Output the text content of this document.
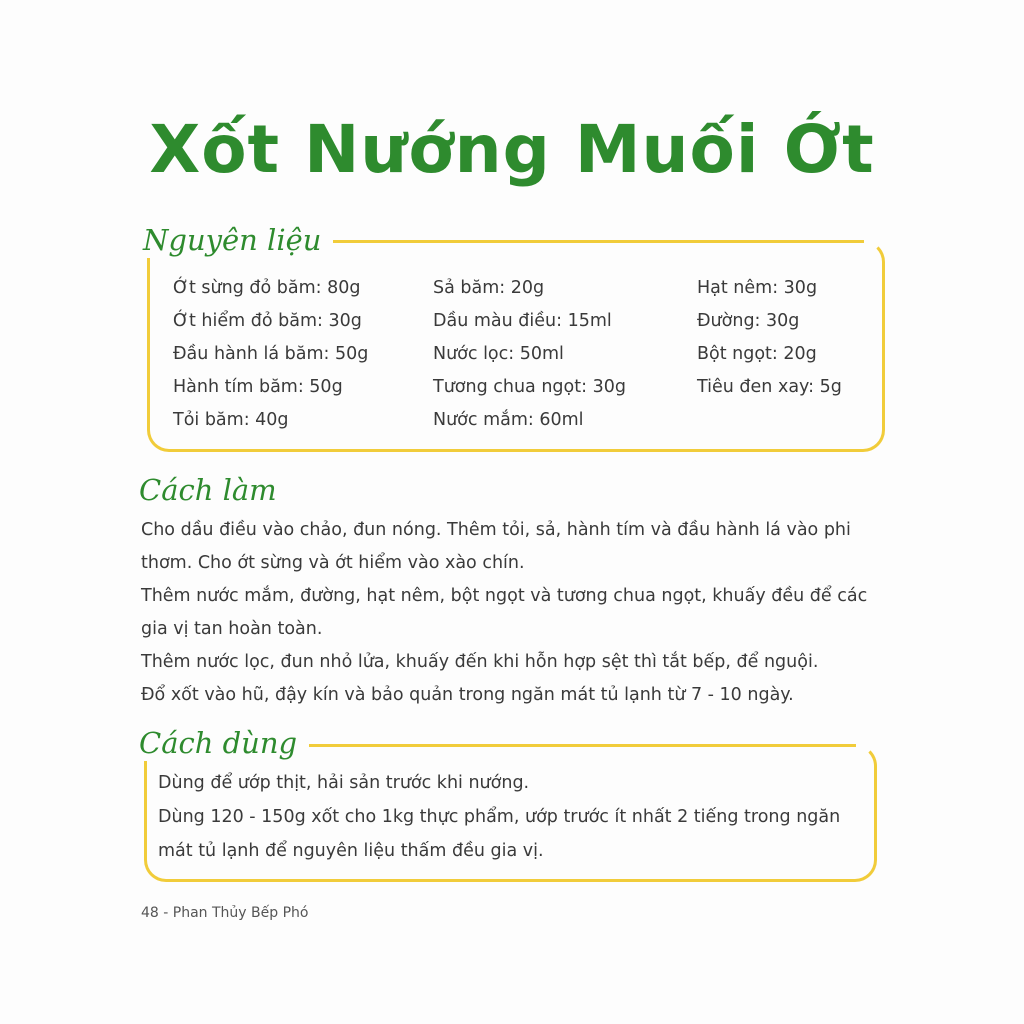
Xốt Nướng Muối Ớt
Nguyên liệu
Ớt sừng đỏ băm: 80g
Ớt hiểm đỏ băm: 30g
Đầu hành lá băm: 50g
Hành tím băm: 50g
Tỏi băm: 40g
Sả băm: 20g
Dầu màu điều: 15ml
Nước lọc: 50ml
Tương chua ngọt: 30g
Nước mắm: 60ml
Hạt nêm: 30g
Đường: 30g
Bột ngọt: 20g
Tiêu đen xay: 5g
Cách làm

Cho dầu điều vào chảo, đun nóng. Thêm tỏi, sả, hành tím và đầu hành lá vào phi thơm. Cho ớt sừng và ớt hiểm vào xào chín.

Thêm nước mắm, đường, hạt nêm, bột ngọt và tương chua ngọt, khuấy đều để các gia vị tan hoàn toàn.

Thêm nước lọc, đun nhỏ lửa, khuấy đến khi hỗn hợp sệt thì tắt bếp, để nguội.

Đổ xốt vào hũ, đậy kín và bảo quản trong ngăn mát tủ lạnh từ 7 - 10 ngày.

Cách dùng

Dùng để ướp thịt, hải sản trước khi nướng.

Dùng 120 - 150g xốt cho 1kg thực phẩm, ướp trước ít nhất 2 tiếng trong ngăn mát tủ lạnh để nguyên liệu thấm đều gia vị.

48 - Phan Thủy Bếp Phó
